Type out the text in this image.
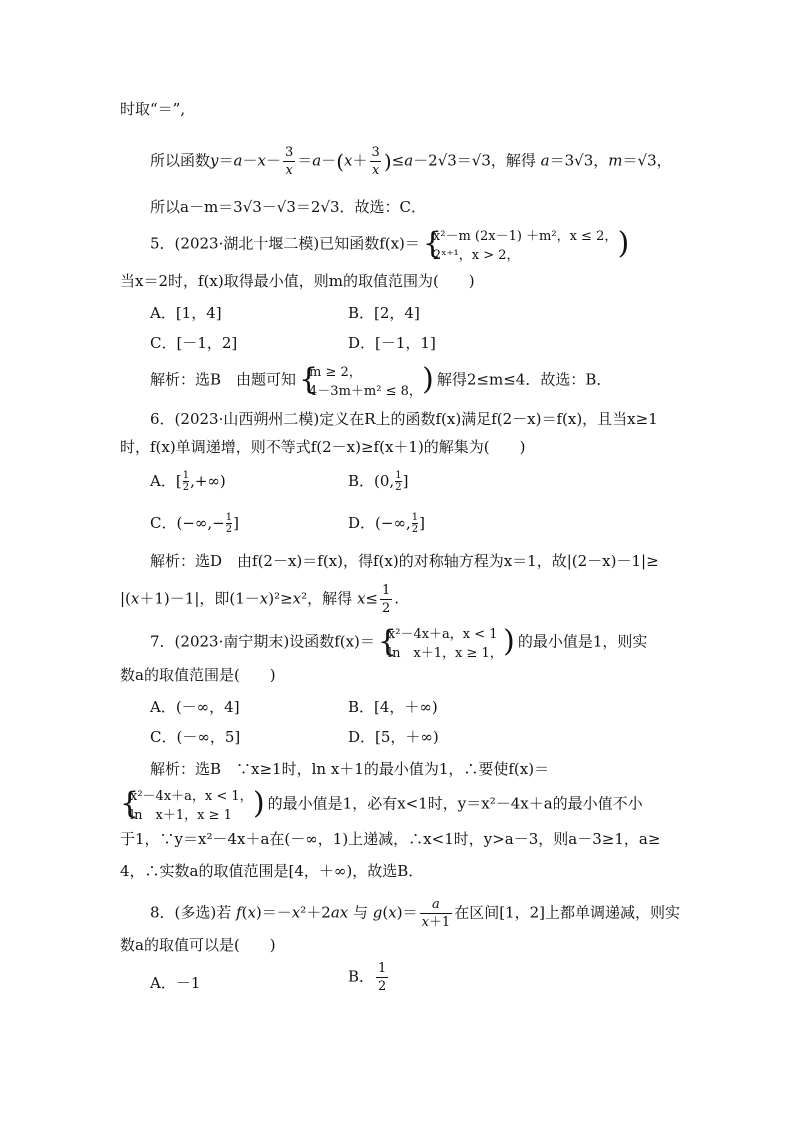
时取“＝”,
所以函数$y=a-x- \frac{3}{x} =a-(x+ \frac{3}{x} )\le a-2√3=√3$，解得 a＝3√3，m＝√3，
所以a－m＝3√3－√3＝2√3．故选：C．
5．(2023·湖北十堰二模)已知函数f(x)＝ {
x²－m (2x－1) ＋m²，x ≤ 2，
2ˣ⁺¹，x > 2，	)
当x＝2时，f(x)取得最小值，则m的取值范围为(　　)
A．[1，4]	B．[2，4]
C．[－1，2]	D．[－1，1]
解析：选B　由题可知 {
m ≥ 2，
4－3m＋m² ≤ 8， ) 解得2≤m≤4．故选：B．
6．(2023·山西朔州二模)定义在R上的函数f(x)满足f(2－x)＝f(x)，且当x≥1
时，f(x)单调递增，则不等式f(2－x)≥f(x＋1)的解集为(　　)
A．[ $\frac{1}{2}$ ,+∞)	B．(0, $\frac{1}{2}$ ]
C．(−∞,− $\frac{1}{2}$ ]	D．(−∞, $\frac{1}{2}$ ]
解析：选D　由f(2－x)＝f(x)，得f(x)的对称轴方程为x＝1，故|(2－x)－1|≥
|(x＋1)－1|，即(1－x)²≥x²，解得 $x\le \frac{1}{2}$ .
7．(2023·南宁期末)设函数f(x)＝ {
x²－4x＋a，x < 1
ln　x＋1，x ≥ 1， ) 的最小值是1，则实
数a的取值范围是(　　)
A．(－∞，4]	B．[4，＋∞)
C．(－∞，5]	D．[5，＋∞)
解析：选B　∵x≥1时，ln x＋1的最小值为1，∴要使f(x)＝
{
x²－4x＋a，x < 1，
ln　x＋1，x ≥ 1 ) 的最小值是1，必有x<1时，y＝x²－4x＋a的最小值不小
于1，∵y＝x²－4x＋a在(－∞，1)上递减，∴x<1时，y>a－3，则a－3≥1，a≥
4，∴实数a的取值范围是[4，＋∞)，故选B．
8．(多选)若 f(x)＝－x²＋2ax 与 $g(x)= \frac{a}{x+1}$ 在区间[1，2]上都单调递减，则实
数a的取值可以是(　　)
A．－1	B． $\frac{1}{2}$
